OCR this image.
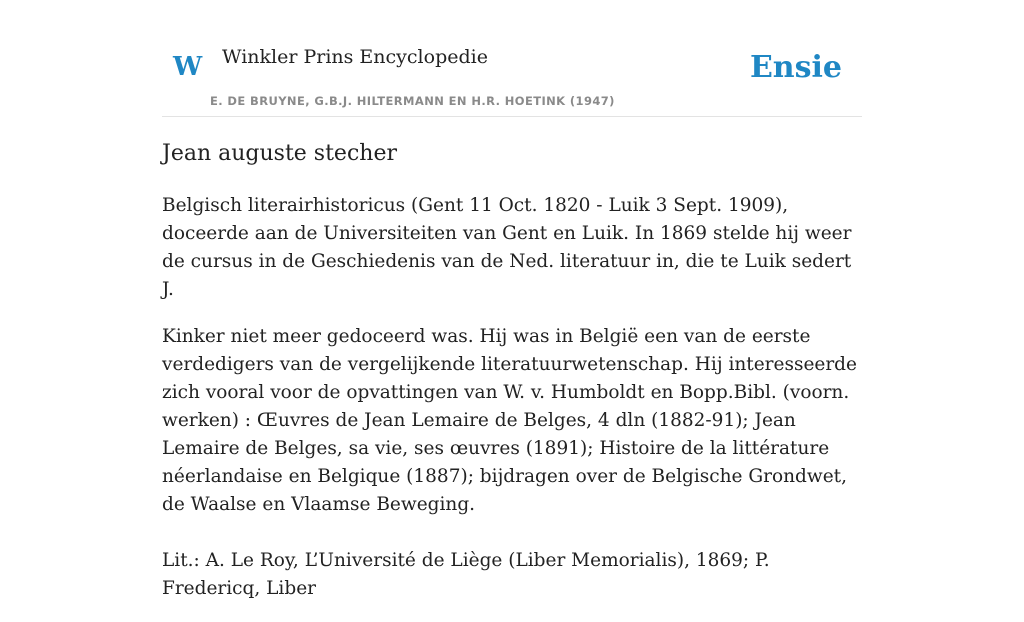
W Winkler Prins Encyclopedie
E. DE BRUYNE, G.B.J. HILTERMANN EN H.R. HOETINK (1947)
Ensie
Jean auguste stecher

Belgisch literairhistoricus (Gent 11 Oct. 1820 - Luik 3 Sept. 1909), doceerde aan de Universiteiten van Gent en Luik. In 1869 stelde hij weer de cursus in de Geschiedenis van de Ned. literatuur in, die te Luik sedert J.

Kinker niet meer gedoceerd was. Hij was in België een van de eerste verdedigers van de vergelijkende literatuurwetenschap. Hij interesseerde zich vooral voor de opvattingen van W. v. Humboldt en Bopp.Bibl. (voorn. werken) : Œuvres de Jean Lemaire de Belges, 4 dln (1882-91); Jean Lemaire de Belges, sa vie, ses œuvres (1891); Histoire de la littérature néerlandaise en Belgique (1887); bijdragen over de Belgische Grondwet, de Waalse en Vlaamse Beweging.

Lit.: A. Le Roy, L’Université de Liège (Liber Memorialis), 1869; P. Fredericq, Liber
